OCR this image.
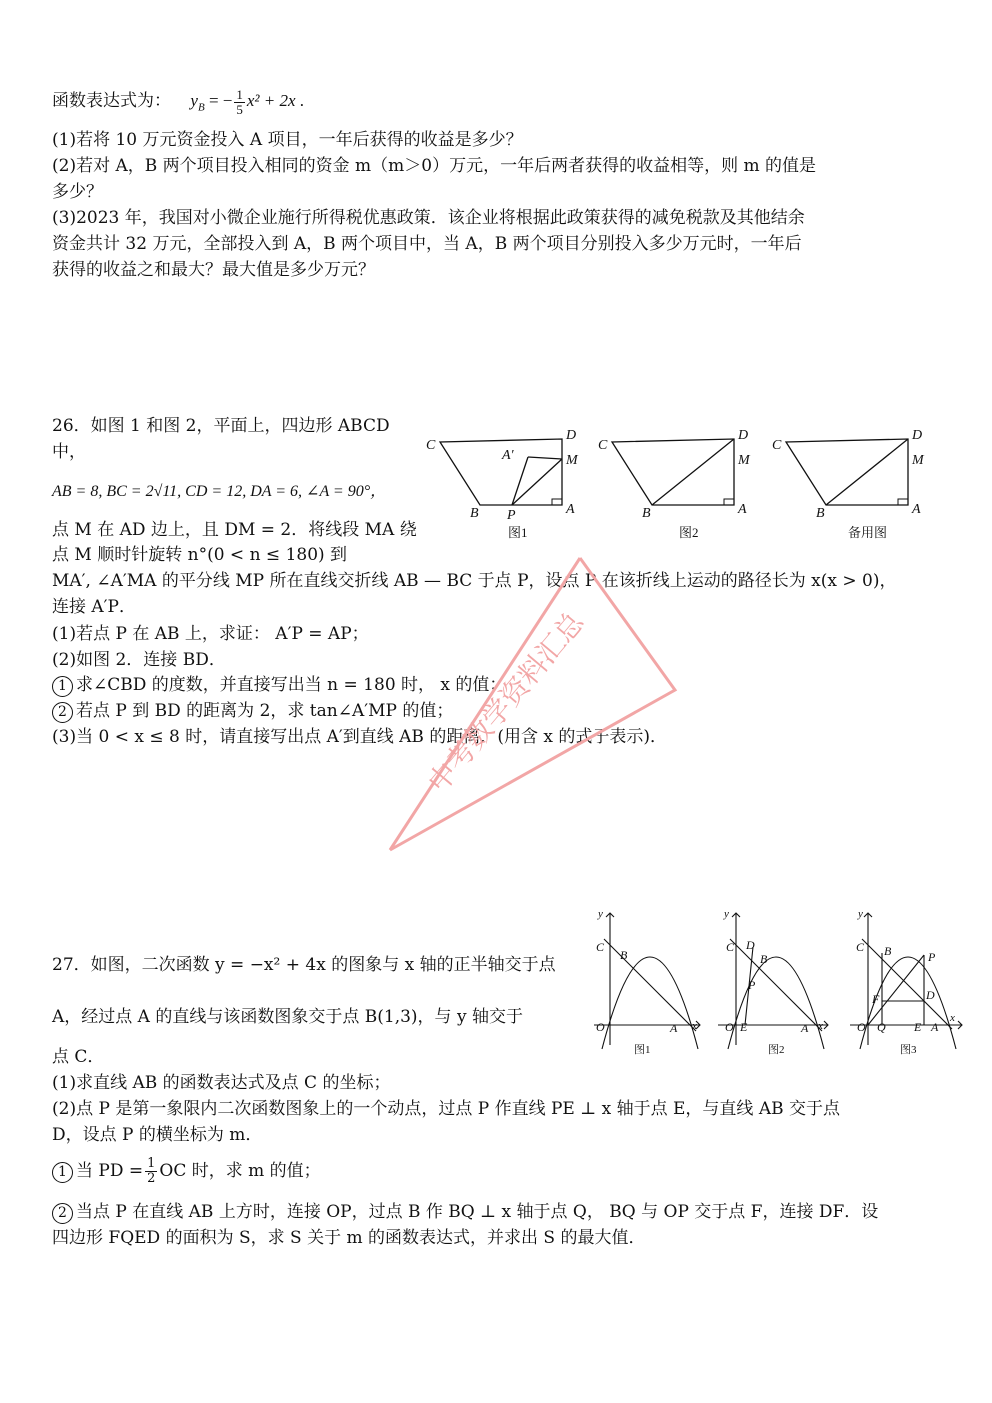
函数表达式为： $y_B$ = − $\frac{1}{5} x^2 + 2x$ .
(1)若将 10 万元资金投入 A 项目，一年后获得的收益是多少？
(2)若对 A，B 两个项目投入相同的资金 m（m＞0）万元，一年后两者获得的收益相等，则 m 的值是
多少？
(3)2023 年，我国对小微企业施行所得税优惠政策．该企业将根据此政策获得的减免税款及其他结余
资金共计 32 万元，全部投入到 A，B 两个项目中，当 A，B 两个项目分别投入多少万元时，一年后
获得的收益之和最大？最大值是多少万元？
26．如图 1 和图 2，平面上，四边形 ABCD
中，
AB = 8, BC = 2√11, CD = 12, DA = 6, ∠A = 90°，
点 M 在 AD 边上，且 DM = 2．将线段 MA 绕
点 M 顺时针旋转 n°(0 < n ≤ 180) 到
MA′, ∠A′MA 的平分线 MP 所在直线交折线 AB — BC 于点 P，设点 P 在该折线上运动的路径长为 x(x > 0)，
连接 A′P．
(1)若点 P 在 AB 上，求证： A′P = AP；
(2)如图 2．连接 BD．
1 求∠CBD 的度数，并直接写出当 n = 180 时， x 的值；
2 若点 P 到 BD 的距离为 2，求 tan∠A′MP 的值；
(3)当 0 < x ≤ 8 时，请直接写出点 A′到直线 AB 的距离．(用含 x 的式子表示)．
C
D
M
A
B P
A′
图1
C
D
M
A
B
图2
C
D
M
A
B
备用图
27．如图，二次函数 y = −x² + 4x 的图象与 x 轴的正半轴交于点
A，经过点 A 的直线与该函数图象交于点 B(1,3)，与 y 轴交于
点 C．
(1)求直线 AB 的函数表达式及点 C 的坐标；
(2)点 P 是第一象限内二次函数图象上的一个动点，过点 P 作直线 PE ⊥ x 轴于点 E，与直线 AB 交于点
D，设点 P 的横坐标为 m．
1 当 PD = $\frac{1}{2}$ OC 时，求 m 的值；
2 当点 P 在直线 AB 上方时，连接 OP，过点 B 作 BQ ⊥ x 轴于点 Q， BQ 与 OP 交于点 F，连接 DF．设
四边形 FQED 的面积为 S，求 S 关于 m 的函数表达式，并求出 S 的最大值．
x
y
O	A
B
C
图1
x
y
O E	A
B
D
C
P
图2
x
y
O Q E A
B
C
P
F	D
图3
中考数学资料汇总
